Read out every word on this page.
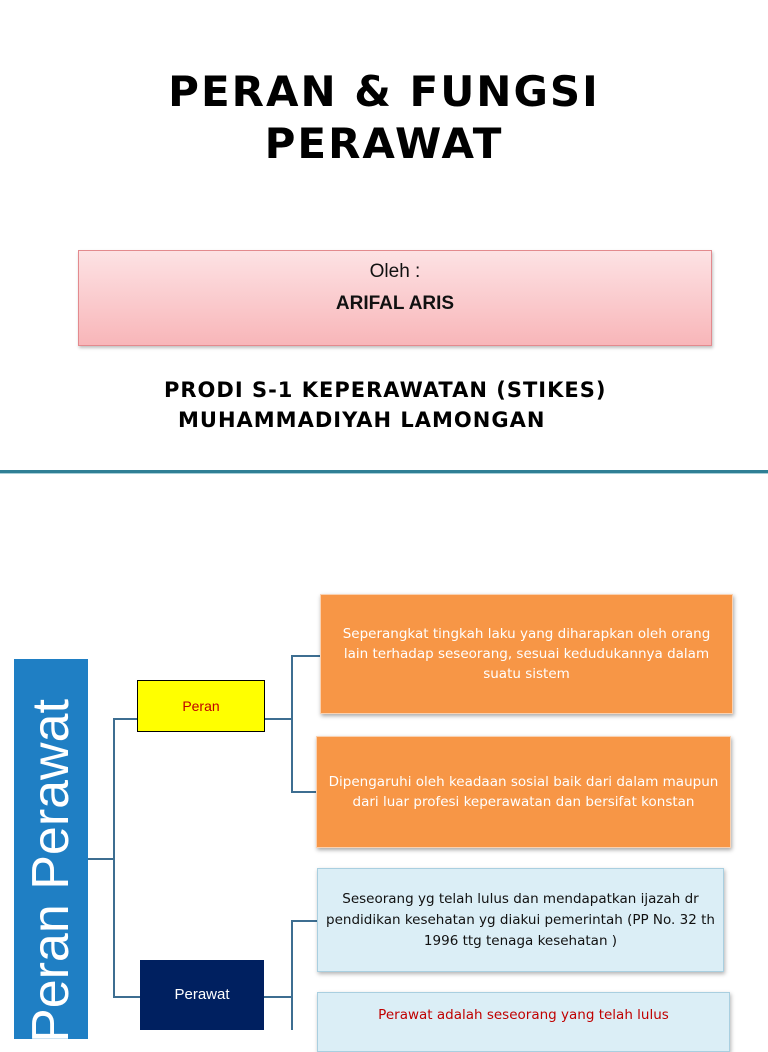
PERAN & FUNGSI
PERAWAT
Oleh :
ARIFAL ARIS
PRODI S-1 KEPERAWATAN (STIKES)
MUHAMMADIYAH LAMONGAN
Peran Perawat	Peran
Perawat
Seperangkat tingkah laku yang diharapkan oleh orang lain terhadap seseorang, sesuai kedudukannya dalam suatu sistem
Dipengaruhi oleh keadaan sosial baik dari dalam maupun dari luar profesi keperawatan dan bersifat konstan
Seseorang yg telah lulus dan mendapatkan ijazah dr pendidikan kesehatan yg diakui pemerintah (PP No. 32 th 1996 ttg tenaga kesehatan )
Perawat adalah seseorang yang telah lulus
